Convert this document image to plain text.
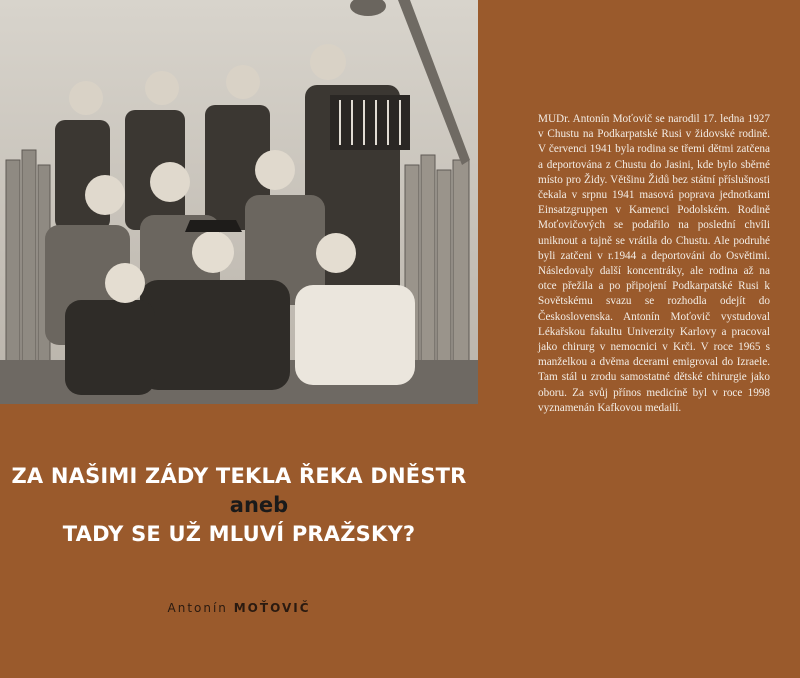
ZA NAŠIMI ZÁDY TEKLA ŘEKA DNĚSTR
aneb
TADY SE UŽ MLUVÍ PRAŽSKY?
Antonín MOŤOVIČ
MUDr. Antonín Moťovič se narodil 17. ledna 1927 v Chustu na Podkarpatské Rusi v židovské rodině. V červenci 1941 byla rodina se třemi dětmi zatčena a deportována z Chustu do Jasini, kde bylo sběrné místo pro Židy. Většinu Židů bez státní příslušnosti čekala v srpnu 1941 masová poprava jednotkami Einsatzgruppen v Kamenci Podolském. Rodině Moťovičových se podařilo na poslední chvíli uniknout a tajně se vrátila do Chustu. Ale podruhé byli zatčeni v r.1944 a deportováni do Osvětimi. Následovaly další koncentráky, ale rodina až na otce přežila a po připojení Podkarpatské Rusi k Sovětskému svazu se rozhodla odejít do Československa. Antonín Moťovič vystudoval Lékařskou fakultu Univerzity Karlovy a pracoval jako chirurg v nemocnici v Krči. V roce 1965 s manželkou a dvěma dcerami emigroval do Izraele. Tam stál u zrodu samostatné dětské chirurgie jako oboru. Za svůj přínos medicíně byl v roce 1998 vyznamenán Kafkovou medailí.
